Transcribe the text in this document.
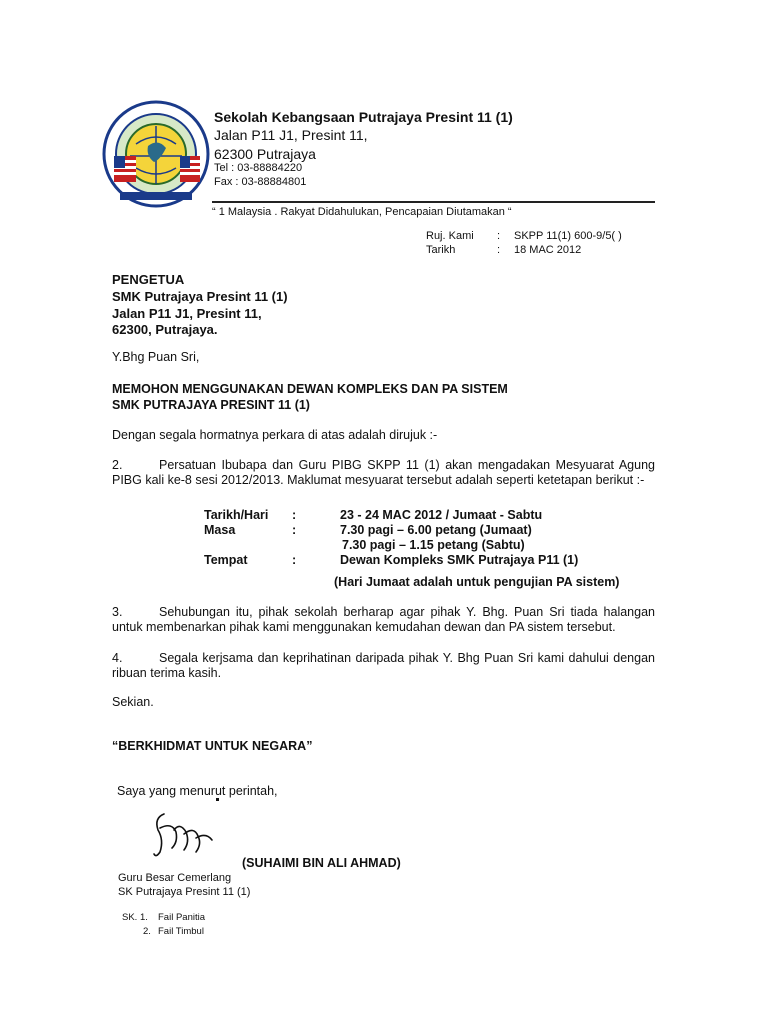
Sekolah Kebangsaan Putrajaya Presint 11 (1)
Jalan P11 J1, Presint 11,
62300 Putrajaya
Tel : 03-88884220
Fax : 03-88884801
“ 1 Malaysia . Rakyat Didahulukan, Pencapaian Diutamakan “
Ruj. Kami : SKPP 11(1) 600-9/5( )
Tarikh	: 18 MAC 2012
PENGETUA
SMK Putrajaya Presint 11 (1)
Jalan P11 J1, Presint 11,
62300, Putrajaya.
Y.Bhg Puan Sri,
MEMOHON MENGGUNAKAN DEWAN KOMPLEKS DAN PA SISTEM
SMK PUTRAJAYA PRESINT 11 (1)
Dengan segala hormatnya perkara di atas adalah dirujuk :-
2.	Persatuan Ibubapa dan Guru PIBG SKPP 11 (1) akan mengadakan Mesyuarat Agung PIBG kali ke-8 sesi 2012/2013. Maklumat mesyuarat tersebut adalah seperti ketetapan berikut :-
Tarikh/Hari :	23 - 24 MAC 2012 / Jumaat - Sabtu
Masa	:	7.30 pagi – 6.00 petang (Jumaat)
7.30 pagi – 1.15 petang (Sabtu)
Tempat	:	Dewan Kompleks SMK Putrajaya P11 (1)
(Hari Jumaat adalah untuk pengujian PA sistem)
3.	Sehubungan itu, pihak sekolah berharap agar pihak Y. Bhg. Puan Sri tiada halangan untuk membenarkan pihak kami menggunakan kemudahan dewan dan PA sistem tersebut.
4.	Segala kerjsama dan keprihatinan daripada pihak Y. Bhg Puan Sri kami dahului dengan ribuan terima kasih.
Sekian.
“BERKHIDMAT UNTUK NEGARA”
Saya yang menurut perintah,
(SUHAIMI BIN ALI AHMAD)
Guru Besar Cemerlang
SK Putrajaya Presint 11 (1)
SK. 1. Fail Panitia
2. Fail Timbul
